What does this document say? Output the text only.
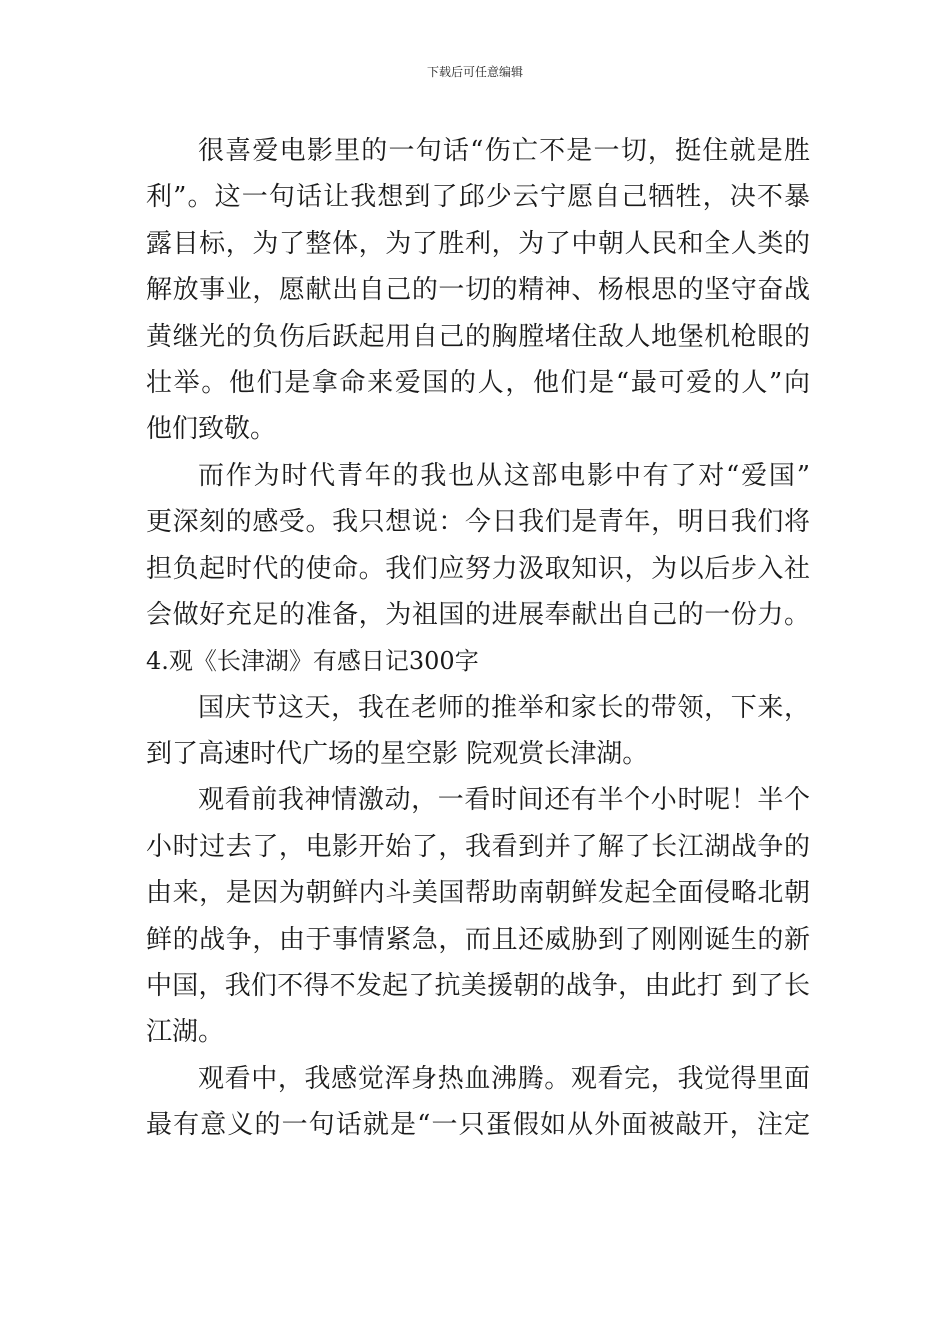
下载后可任意编辑
很喜爱电影里的一句话“伤亡不是一切，挺住就是胜
利”。这一句话让我想到了邱少云宁愿自己牺牲，决不暴
露目标，为了整体，为了胜利，为了中朝人民和全人类的
解放事业，愿献出自己的一切的精神、杨根思的坚守奋战
黄继光的负伤后跃起用自己的胸膛堵住敌人地堡机枪眼的
壮举。他们是拿命来爱国的人，他们是“最可爱的人”向
他们致敬。
而作为时代青年的我也从这部电影中有了对“爱国”
更深刻的感受。我只想说：今日我们是青年，明日我们将
担负起时代的使命。我们应努力汲取知识，为以后步入社
会做好充足的准备，为祖国的进展奉献出自己的一份力。
4.观《长津湖》有感日记300字
国庆节这天，我在老师的推举和家长的带领，下来，
到了高速时代广场的星空影 院观赏长津湖。
观看前我神情激动，一看时间还有半个小时呢！半个
小时过去了，电影开始了，我看到并了解了长江湖战争的
由来，是因为朝鲜内斗美国帮助南朝鲜发起全面侵略北朝
鲜的战争，由于事情紧急，而且还威胁到了刚刚诞生的新
中国，我们不得不发起了抗美援朝的战争，由此打 到了长
江湖。
观看中，我感觉浑身热血沸腾。观看完，我觉得里面
最有意义的一句话就是“一只蛋假如从外面被敲开，注定
